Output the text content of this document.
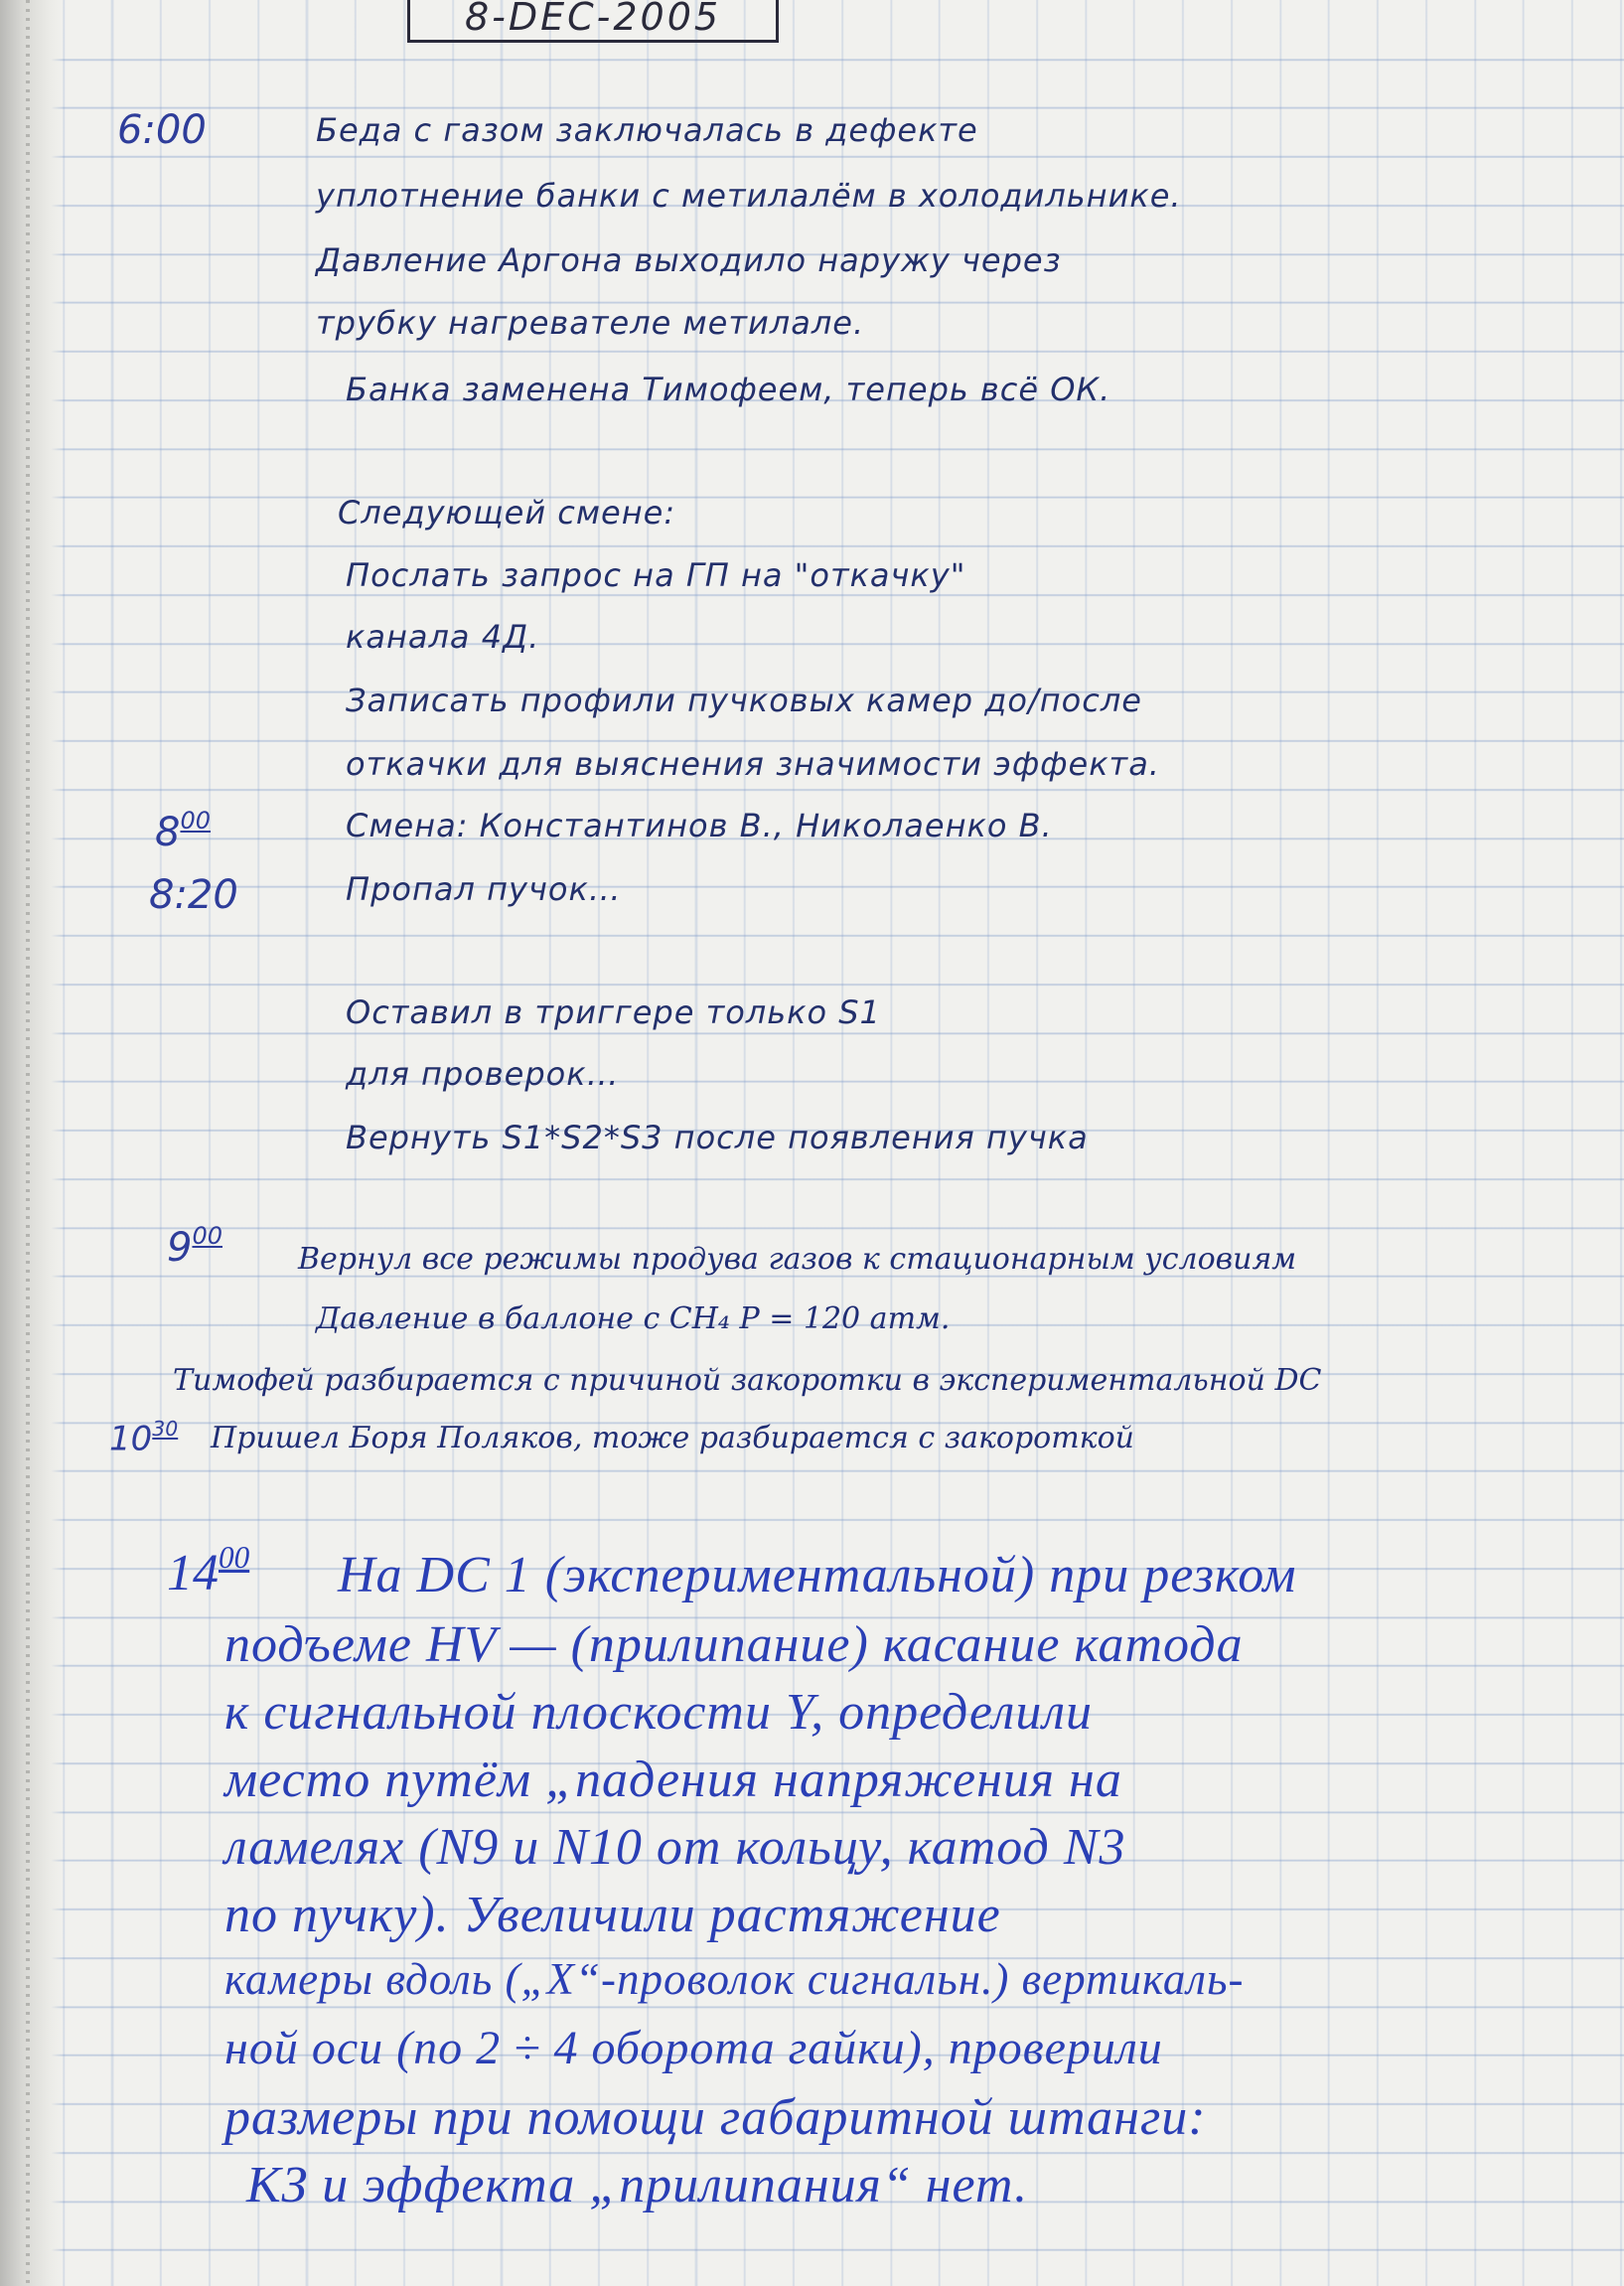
8-DEC-2005
6:00	Беда с газом заключалась в дефекте
уплотнение банки с метилалём в холодильнике.
Давление Аргона выходило наружу через
трубку нагревателе метилале.
Банка заменена Тимофеем, теперь всё ОК.
Следующей смене:
Послать запрос на ГП на "откачку"
канала 4Д.
Записать профили пучковых камер до/после
откачки для выяснения значимости эффекта.
$8^{00}$	Смена: Константинов В., Николаенко В.
8:20	Пропал пучок…
Оставил в триггере только S1
для проверок…
Вернуть S1*S2*S3 после появления пучка
$9^{00}$
Вернул все режимы продува газов к стационарным условиям
Давление в баллоне с CH₄ P = 120 атм.
Тимофей разбирается с причиной закоротки в экспериментальной DC
$10^{30}$ Пришел Боря Поляков, тоже разбирается с закороткой
$14^{00}$ На DC 1 (экспериментальной) при резком
подъеме HV — (прилипание) касание катода
к сигнальной плоскости Y, определили
место путём „падения напряжения на
ламелях (N9 и N10 от кольцу, катод N3
по пучку). Увеличили растяжение
камеры вдоль („X“-проволок сигнальн.) вертикаль-
ной оси (по 2 ÷ 4 оборота гайки), проверили
размеры при помощи габаритной штанги:
КЗ и эффекта „прилипания“ нет.
